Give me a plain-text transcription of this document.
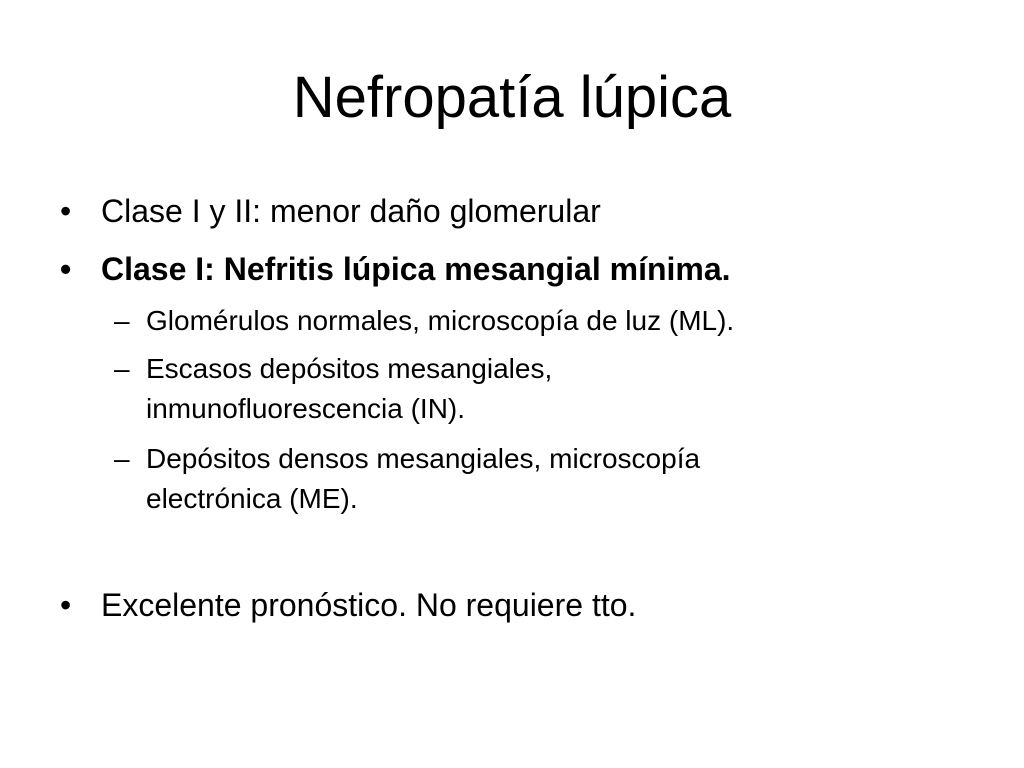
Nefropatía lúpica
• Clase I y II: menor daño glomerular
• Clase I: Nefritis lúpica mesangial mínima.
– Glomérulos normales, microscopía de luz (ML).
– Escasos depósitos mesangiales,
inmunofluorescencia (IN).
– Depósitos densos mesangiales, microscopía
electrónica (ME).
• Excelente pronóstico. No requiere tto.
